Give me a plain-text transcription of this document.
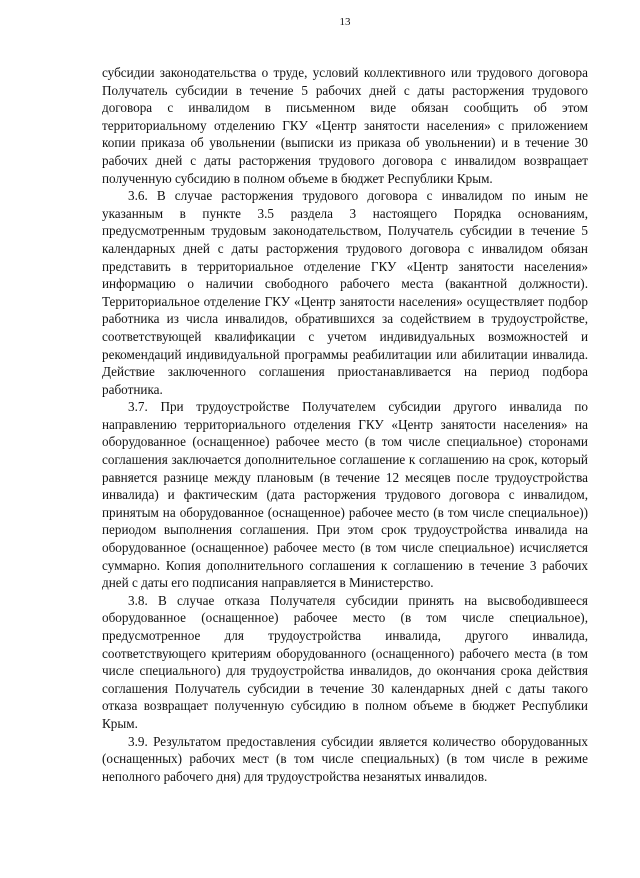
13

субсидии законодательства о труде, условий коллективного или трудового договора Получатель субсидии в течение 5 рабочих дней с даты расторжения трудового договора с инвалидом в письменном виде обязан сообщить об этом территориальному отделению ГКУ «Центр занятости населения» с приложением копии приказа об увольнении (выписки из приказа об увольнении) и в течение 30 рабочих дней с даты расторжения трудового договора с инвалидом возвращает полученную субсидию в полном объеме в бюджет Республики Крым.

3.6. В случае расторжения трудового договора с инвалидом по иным не указанным в пункте 3.5 раздела 3 настоящего Порядка основаниям, предусмотренным трудовым законодательством, Получатель субсидии в течение 5 календарных дней с даты расторжения трудового договора с инвалидом обязан представить в территориальное отделение ГКУ «Центр занятости населения» информацию о наличии свободного рабочего места (вакантной должности). Территориальное отделение ГКУ «Центр занятости населения» осуществляет подбор работника из числа инвалидов, обратившихся за содействием в трудоустройстве, соответствующей квалификации с учетом индивидуальных возможностей и рекомендаций индивидуальной программы реабилитации или абилитации инвалида. Действие заключенного соглашения приостанавливается на период подбора работника.

3.7. При трудоустройстве Получателем субсидии другого инвалида по направлению территориального отделения ГКУ «Центр занятости населения» на оборудованное (оснащенное) рабочее место (в том числе специальное) сторонами соглашения заключается дополнительное соглашение к соглашению на срок, который равняется разнице между плановым (в течение 12 месяцев после трудоустройства инвалида) и фактическим (дата расторжения трудового договора с инвалидом, принятым на оборудованное (оснащенное) рабочее место (в том числе специальное)) периодом выполнения соглашения. При этом срок трудоустройства инвалида на оборудованное (оснащенное) рабочее место (в том числе специальное) исчисляется суммарно. Копия дополнительного соглашения к соглашению в течение 3 рабочих дней с даты его подписания направляется в Министерство.

3.8. В случае отказа Получателя субсидии принять на высвободившееся оборудованное (оснащенное) рабочее место (в том числе специальное), предусмотренное для трудоустройства инвалида, другого инвалида, соответствующего критериям оборудованного (оснащенного) рабочего места (в том числе специального) для трудоустройства инвалидов, до окончания срока действия соглашения Получатель субсидии в течение 30 календарных дней с даты такого отказа возвращает полученную субсидию в полном объеме в бюджет Республики Крым.

3.9. Результатом предоставления субсидии является количество оборудованных (оснащенных) рабочих мест (в том числе специальных) (в том числе в режиме неполного рабочего дня) для трудоустройства незанятых инвалидов.
